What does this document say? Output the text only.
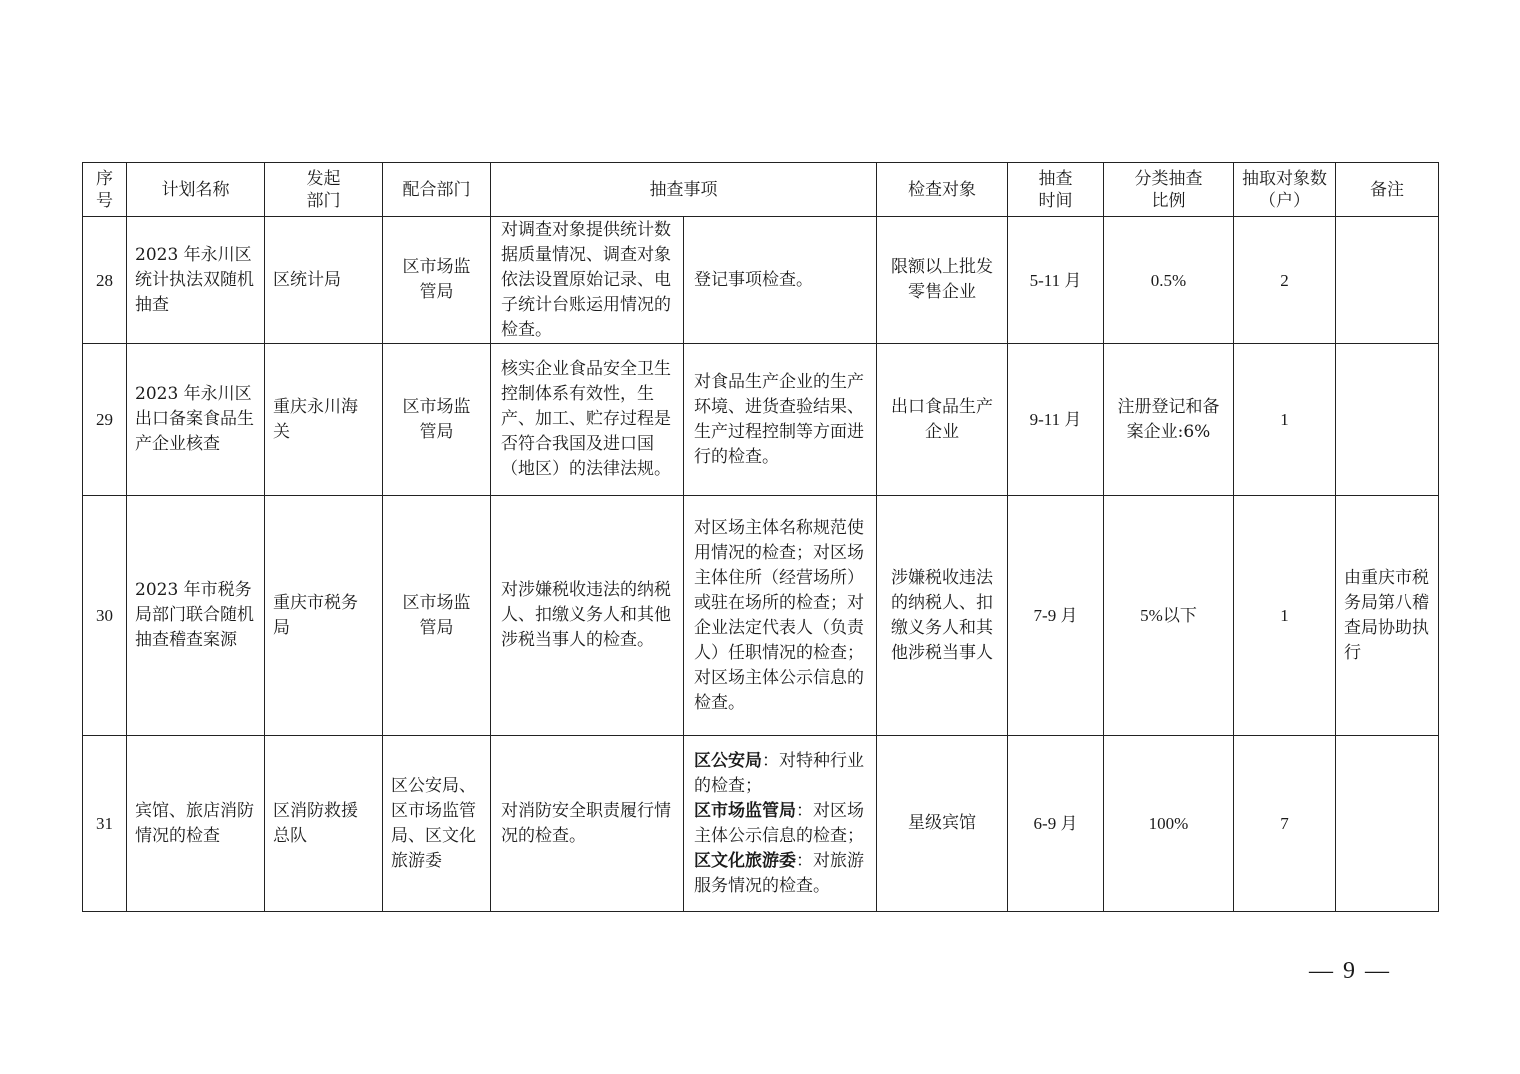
序号	计划名称	发起部门	配合部门	抽查事项		检查对象	抽查时间	分类抽查比例	抽取对象数（户）	备注
28	2023 年永川区统计执法双随机抽查	区统计局	区市场监管局	对调查对象提供统计数据质量情况、调查对象依法设置原始记录、电子统计台账运用情况的检查。	登记事项检查。	限额以上批发零售企业	5-11 月	0.5%	2	
29	2023 年永川区出口备案食品生产企业核查	重庆永川海关	区市场监管局	核实企业食品安全卫生控制体系有效性，生产、加工、贮存过程是否符合我国及进口国（地区）的法律法规。	对食品生产企业的生产环境、进货查验结果、生产过程控制等方面进行的检查。	出口食品生产企业	9-11 月	注册登记和备案企业:6%	1	
30	2023 年市税务局部门联合随机抽查稽查案源	重庆市税务局	区市场监管局	对涉嫌税收违法的纳税人、扣缴义务人和其他涉税当事人的检查。	对区场主体名称规范使用情况的检查；对区场主体住所（经营场所）或驻在场所的检查；对企业法定代表人（负责人）任职情况的检查；对区场主体公示信息的检查。	涉嫌税收违法的纳税人、扣缴义务人和其他涉税当事人	7-9 月	5%以下	1	由重庆市税务局第八稽查局协助执行
31	宾馆、旅店消防情况的检查	区消防救援总队	区公安局、区市场监管局、区文化旅游委	对消防安全职责履行情况的检查。	区公安局：对特种行业的检查；
区市场监管局：对区场主体公示信息的检查；
区文化旅游委：对旅游服务情况的检查。	星级宾馆	6-9 月	100%	7	
— 9 —
